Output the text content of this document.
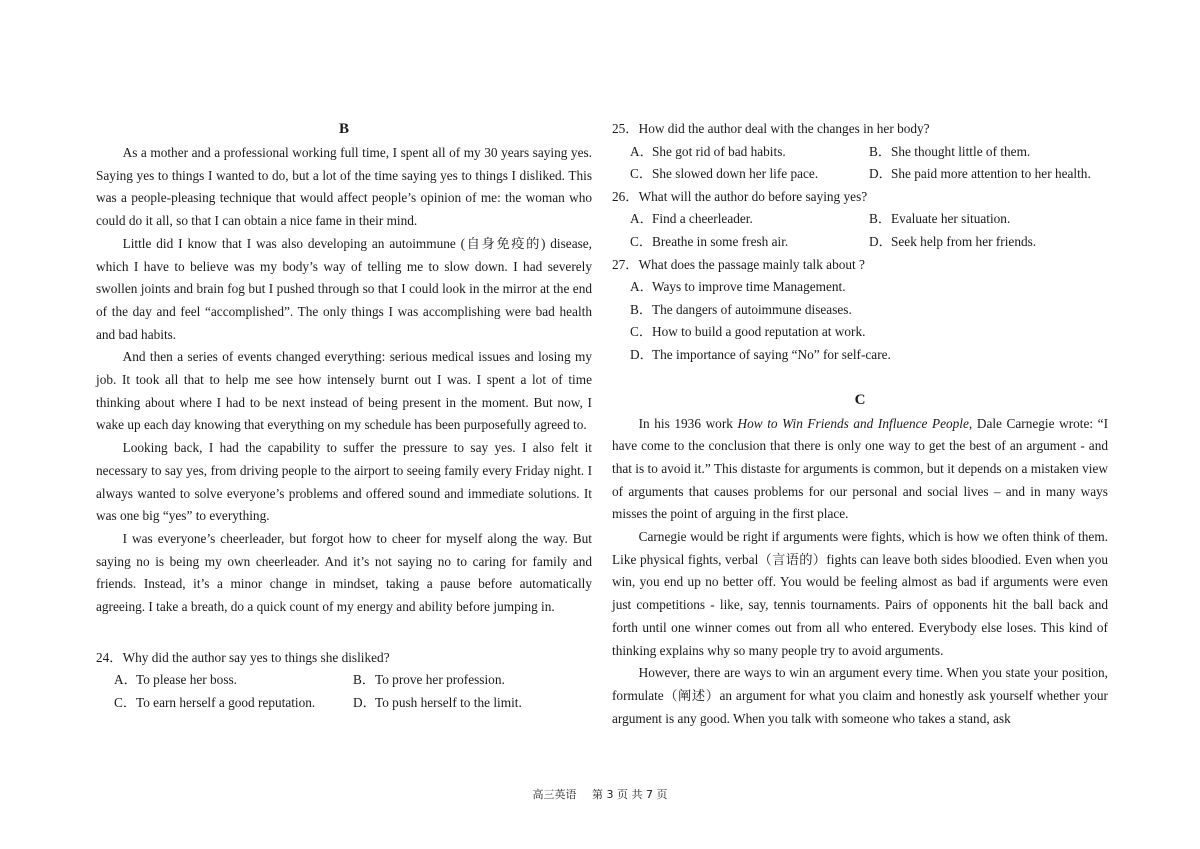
B

As a mother and a professional working full time, I spent all of my 30 years saying yes. Saying yes to things I wanted to do, but a lot of the time saying yes to things I disliked. This was a people-pleasing technique that would affect people’s opinion of me: the woman who could do it all, so that I can obtain a nice fame in their mind.

Little did I know that I was also developing an autoimmune (自身免疫的) disease, which I have to believe was my body’s way of telling me to slow down. I had severely swollen joints and brain fog but I pushed through so that I could look in the mirror at the end of the day and feel “accomplished”. The only things I was accomplishing were bad health and bad habits.

And then a series of events changed everything: serious medical issues and losing my job. It took all that to help me see how intensely burnt out I was. I spent a lot of time thinking about where I had to be next instead of being present in the moment. But now, I wake up each day knowing that everything on my schedule has been purposefully agreed to.

Looking back, I had the capability to suffer the pressure to say yes. I also felt it necessary to say yes, from driving people to the airport to seeing family every Friday night. I always wanted to solve everyone’s problems and offered sound and immediate solutions. It was one big “yes” to everything.

I was everyone’s cheerleader, but forgot how to cheer for myself along the way. But saying no is being my own cheerleader. And it’s not saying no to caring for family and friends. Instead, it’s a minor change in mindset, taking a pause before automatically agreeing. I take a breath, do a quick count of my energy and ability before jumping in.

24．Why did the author say yes to things she disliked?
A．To please her boss.	B．To prove her profession.
C．To earn herself a good reputation.	D．To push herself to the limit.
25．How did the author deal with the changes in her body?
A．She got rid of bad habits.	B．She thought little of them.
C．She slowed down her life pace.	D．She paid more attention to her health.
26．What will the author do before saying yes?
A．Find a cheerleader.	B．Evaluate her situation.
C．Breathe in some fresh air.	D．Seek help from her friends.
27．What does the passage mainly talk about ?
A．Ways to improve time Management.
B．The dangers of autoimmune diseases.
C．How to build a good reputation at work.
D．The importance of saying “No” for self-care.
C

In his 1936 work How to Win Friends and Influence People, Dale Carnegie wrote: “I have come to the conclusion that there is only one way to get the best of an argument - and that is to avoid it.” This distaste for arguments is common, but it depends on a mistaken view of arguments that causes problems for our personal and social lives – and in many ways misses the point of arguing in the first place.

Carnegie would be right if arguments were fights, which is how we often think of them. Like physical fights, verbal（言语的）fights can leave both sides bloodied. Even when you win, you end up no better off. You would be feeling almost as bad if arguments were even just competitions - like, say, tennis tournaments. Pairs of opponents hit the ball back and forth until one winner comes out from all who entered. Everybody else loses. This kind of thinking explains why so many people try to avoid arguments.

However, there are ways to win an argument every time. When you state your position, formulate（阐述）an argument for what you claim and honestly ask yourself whether your argument is any good. When you talk with someone who takes a stand, ask

高三英语 第 3 页 共 7 页
